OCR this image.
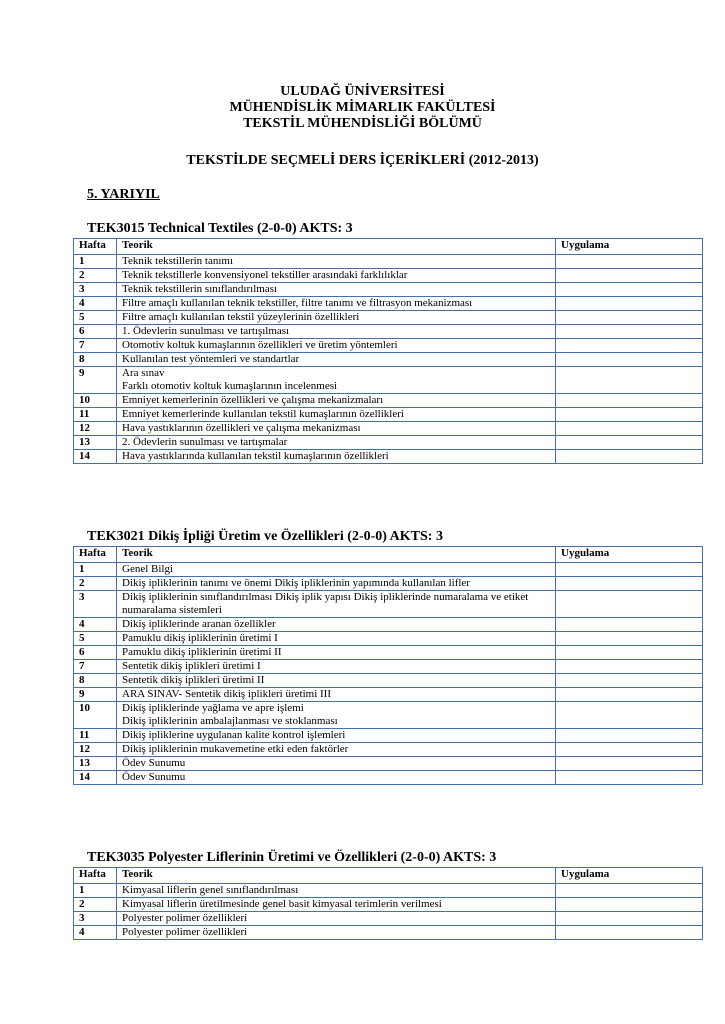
ULUDAĞ ÜNİVERSİTESİ
MÜHENDİSLİK MİMARLIK FAKÜLTESİ
TEKSTİL MÜHENDİSLİĞİ BÖLÜMÜ
TEKSTİLDE SEÇMELİ DERS İÇERİKLERİ (2012-2013)
5. YARIYIL
TEK3015 Technical Textiles (2-0-0) AKTS: 3
Hafta	Teorik	Uygulama
1	Teknik tekstillerin tanımı	

2	Teknik tekstillerle konvensiyonel tekstiller arasındaki farklılıklar	

3	Teknik tekstillerin sınıflandırılması	

4	Filtre amaçlı kullanılan teknik tekstiller, filtre tanımı ve filtrasyon mekanizması	

5	Filtre amaçlı kullanılan tekstil yüzeylerinin özellikleri	

6	1. Ödevlerin sunulması ve tartışılması	

7	Otomotiv koltuk kumaşlarının özellikleri ve üretim yöntemleri	

8	Kullanılan test yöntemleri ve standartlar	

9	Ara sınav
Farklı otomotiv koltuk kumaşlarının incelenmesi	

10	Emniyet kemerlerinin özellikleri ve çalışma mekanizmaları	

11	Emniyet kemerlerinde kullanılan tekstil kumaşlarının özellikleri	

12	Hava yastıklarının özellikleri ve çalışma mekanizması	

13	2. Ödevlerin sunulması ve tartışmalar	

14	Hava yastıklarında kullanılan tekstil kumaşlarının özellikleri	

TEK3021 Dikiş İpliği Üretim ve Özellikleri (2-0-0) AKTS: 3
Hafta	Teorik	Uygulama
1	Genel Bilgi	

2	Dikiş ipliklerinin tanımı ve önemi Dikiş ipliklerinin yapımında kullanılan lifler	

3	Dikiş ipliklerinin sınıflandırılması Dikiş iplik yapısı Dikiş ipliklerinde numaralama ve etiket numaralama sistemleri	

4	Dikiş ipliklerinde aranan özellikler	

5	Pamuklu dikiş ipliklerinin üretimi I	

6	Pamuklu dikiş ipliklerinin üretimi II	

7	Sentetik dikiş iplikleri üretimi I	

8	Sentetik dikiş iplikleri üretimi II	

9	ARA SINAV- Sentetik dikiş iplikleri üretimi III	

10	Dikiş ipliklerinde yağlama ve apre işlemi
Dikiş ipliklerinin ambalajlanması ve stoklanması	

11	Dikiş ipliklerine uygulanan kalite kontrol işlemleri	

12	Dikiş ipliklerinin mukavemetine etki eden faktörler	

13	Ödev Sunumu	

14	Ödev Sunumu	

TEK3035 Polyester Liflerinin Üretimi ve Özellikleri (2-0-0) AKTS: 3
Hafta	Teorik	Uygulama
1	Kimyasal liflerin genel sınıflandırılması	

2	Kimyasal liflerin üretilmesinde genel basit kimyasal terimlerin verilmesi	

3	Polyester polimer özellikleri	

4	Polyester polimer özellikleri	
